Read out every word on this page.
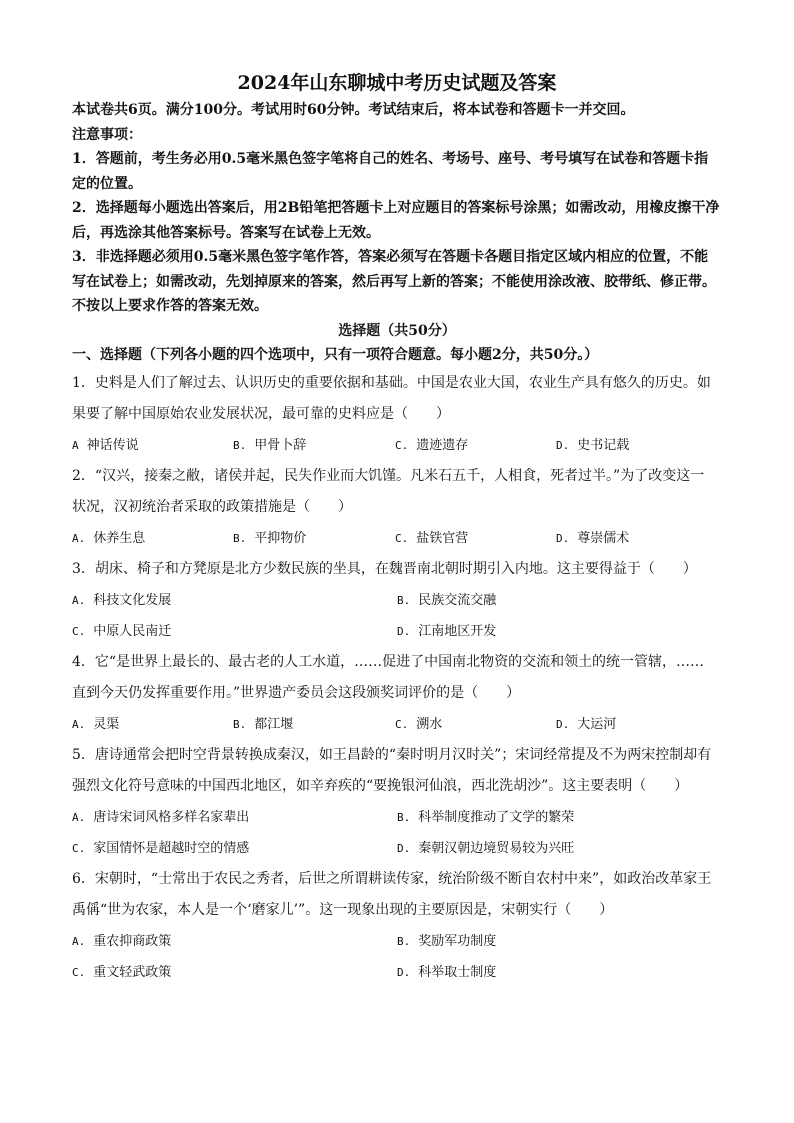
2024年山东聊城中考历史试题及答案

本试卷共6页。满分100分。考试用时60分钟。考试结束后，将本试卷和答题卡一并交回。

注意事项：

1．答题前，考生务必用0.5毫米黑色签字笔将自己的姓名、考场号、座号、考号填写在试卷和答题卡指

定的位置。

2．选择题每小题选出答案后，用2B铅笔把答题卡上对应题目的答案标号涂黑；如需改动，用橡皮擦干净

后，再选涂其他答案标号。答案写在试卷上无效。

3．非选择题必须用0.5毫米黑色签字笔作答，答案必须写在答题卡各题目指定区域内相应的位置，不能

写在试卷上；如需改动，先划掉原来的答案，然后再写上新的答案；不能使用涂改液、胶带纸、修正带。

不按以上要求作答的答案无效。

选择题（共50分）

一、选择题（下列各小题的四个选项中，只有一项符合题意。每小题2分，共50分。）

1．史料是人们了解过去、认识历史的重要依据和基础。中国是农业大国，农业生产具有悠久的历史。如

果要了解中国原始农业发展状况，最可靠的史料应是（　　）

A 神话传说	B. 甲骨卜辞	C. 遗迹遗存	D. 史书记载

2．“汉兴，接秦之敝，诸侯并起，民失作业而大饥馑。凡米石五千，人相食，死者过半。”为了改变这一

状况，汉初统治者采取的政策措施是（　　）

A. 休养生息	B. 平抑物价	C. 盐铁官营	D. 尊崇儒术

3．胡床、椅子和方凳原是北方少数民族的坐具，在魏晋南北朝时期引入内地。这主要得益于（　　）

A. 科技文化发展	B. 民族交流交融
C. 中原人民南迁	D. 江南地区开发

4．它“是世界上最长的、最古老的人工水道，……促进了中国南北物资的交流和领土的统一管辖，……

直到今天仍发挥重要作用。”世界遗产委员会这段颁奖词评价的是（　　）

A. 灵渠	B. 都江堰	C. 溯水	D. 大运河

5．唐诗通常会把时空背景转换成秦汉，如王昌龄的“秦时明月汉时关”；宋词经常提及不为两宋控制却有

强烈文化符号意味的中国西北地区，如辛弃疾的“要挽银河仙浪，西北洗胡沙”。这主要表明（　　）

A. 唐诗宋词风格多样名家辈出	B. 科举制度推动了文学的繁荣
C. 家国情怀是超越时空的情感	D. 秦朝汉朝边境贸易较为兴旺

6．宋朝时，“士常出于农民之秀者，后世之所谓耕读传家，统治阶级不断自农村中来”，如政治改革家王

禹偁“世为农家，本人是一个‘磨家儿’”。这一现象出现的主要原因是，宋朝实行（　　）

A. 重农抑商政策	B. 奖励军功制度
C. 重文轻武政策	D. 科举取士制度
